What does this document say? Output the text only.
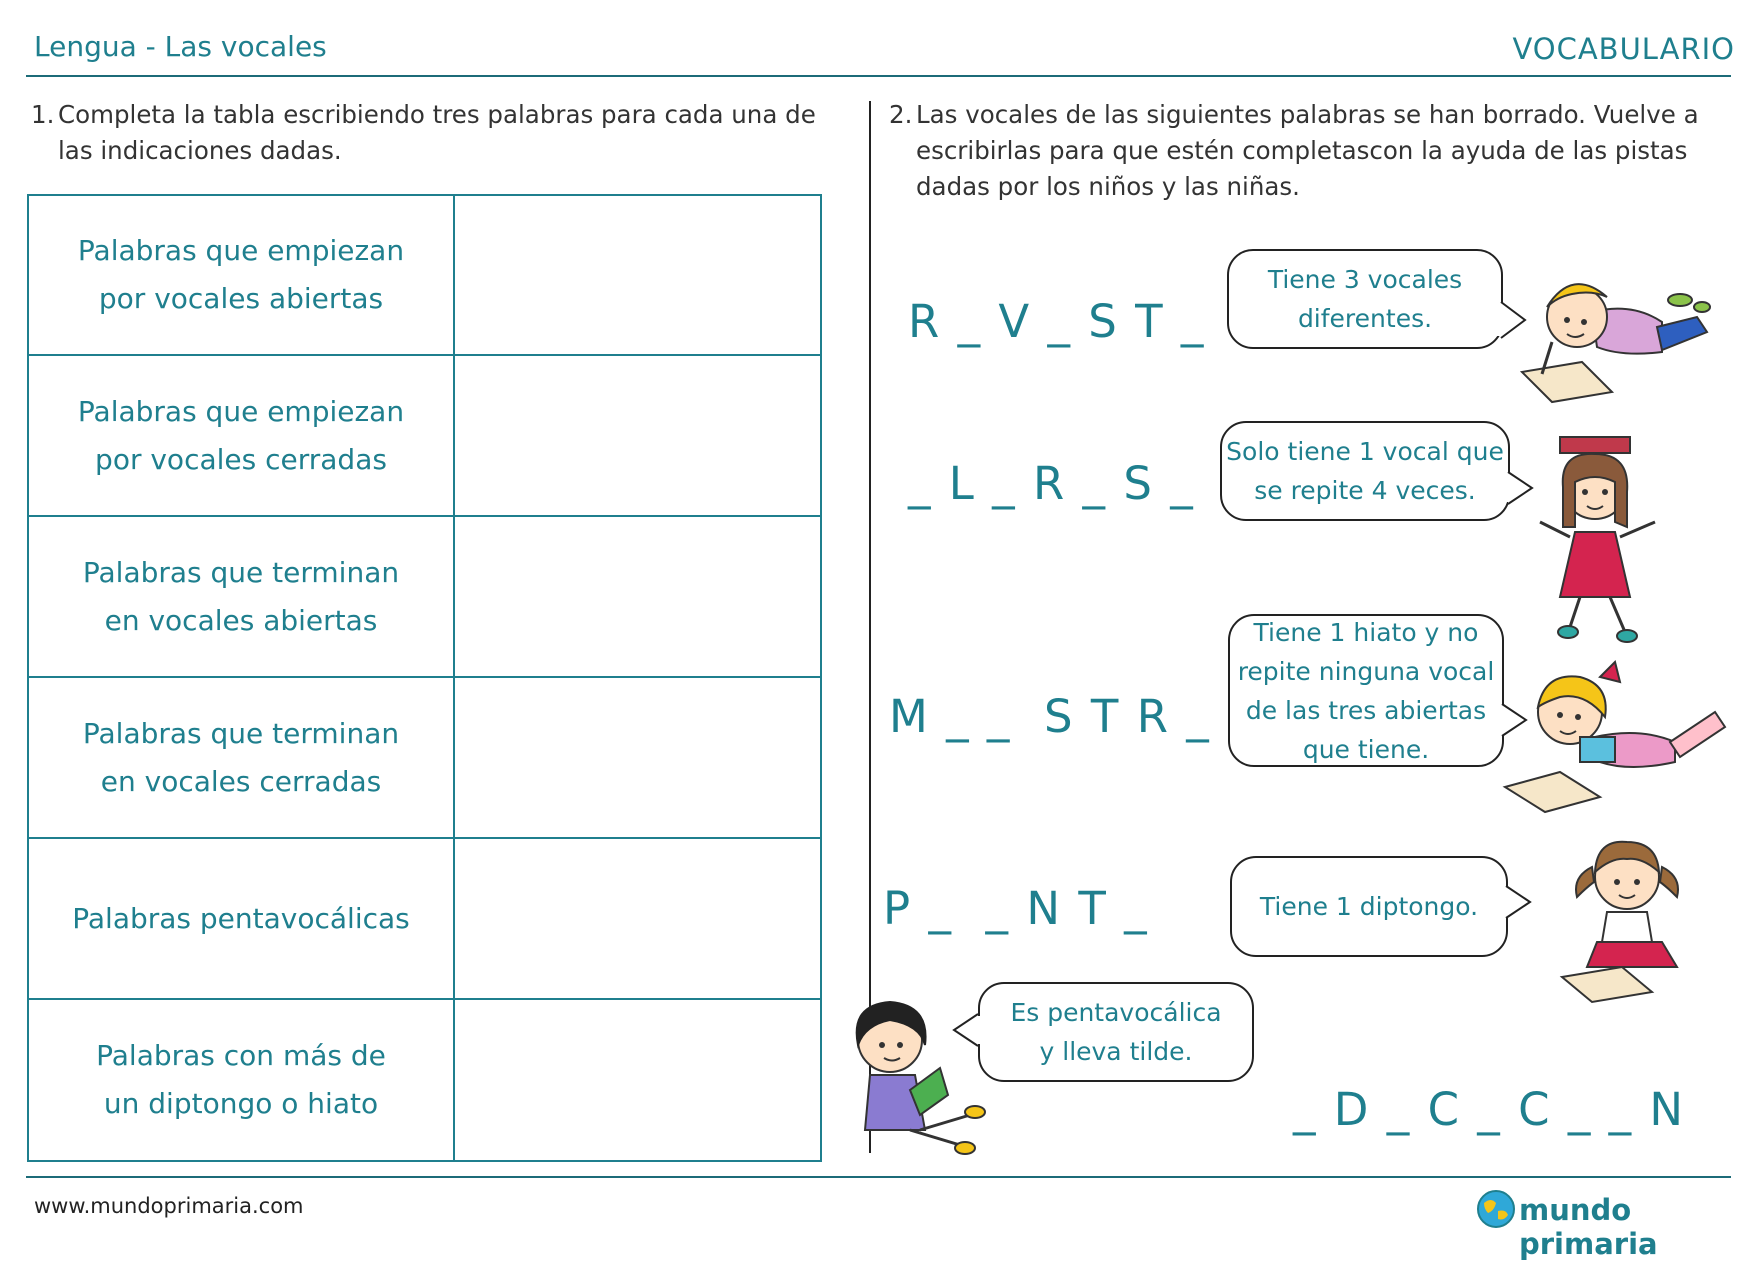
Lengua - Las vocales	VOCABULARIO
1. Completa la tabla escribiendo tres palabras para cada una de las indicaciones dadas.
Palabras que empiezan
por vocales abiertas	

Palabras que empiezan
por vocales cerradas	

Palabras que terminan
en vocales abiertas	

Palabras que terminan
en vocales cerradas	

Palabras pentavocálicas	

Palabras con más de
un diptongo o hiato	

2. Las vocales de las siguientes palabras se han borrado. Vuelve a escribirlas para que estén completascon la ayuda de las pistas dadas por los niños y las niñas.
R _ V _ S T _
Tiene 3 vocales
diferentes.
_ L _ R _ S _
Solo tiene 1 vocal que
se repite 4 veces.
M _ _  S T R _
Tiene 1 hiato y no
repite ninguna vocal
de las tres abiertas
que tiene.
P _  _ N T _	Tiene 1 diptongo.
Es pentavocálica
y lleva tilde.
_ D _ C _ C _ _ N
www.mundoprimaria.com	mundo primaria
